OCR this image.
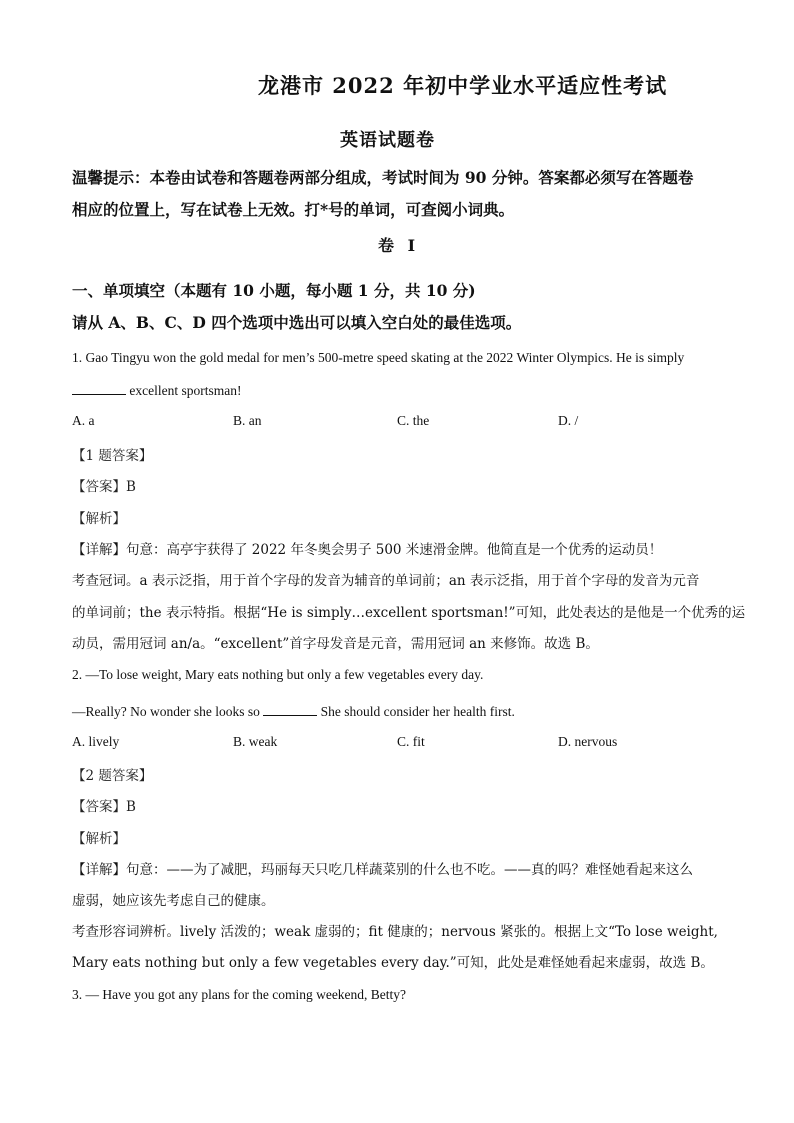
龙港市 2022 年初中学业水平适应性考试
英语试题卷
温馨提示：本卷由试卷和答题卷两部分组成，考试时间为 90 分钟。答案都必须写在答题卷
相应的位置上，写在试卷上无效。打*号的单词，可查阅小词典。
卷 I
一、单项填空（本题有 10 小题，每小题 1 分，共 10 分)
请从 A、B、C、D 四个选项中选出可以填入空白处的最佳选项。
1. Gao Tingyu won the gold medal for men’s 500-metre speed skating at the 2022 Winter Olympics. He is simply
excellent sportsman!
A. a	B. an	C. the	D. /
【1 题答案】
【答案】B
【解析】
【详解】句意：高亭宇获得了 2022 年冬奥会男子 500 米速滑金牌。他简直是一个优秀的运动员！
考查冠词。a 表示泛指，用于首个字母的发音为辅音的单词前；an 表示泛指，用于首个字母的发音为元音
的单词前；the 表示特指。根据“He is simply…excellent sportsman!”可知，此处表达的是他是一个优秀的运
动员，需用冠词 an/a。“excellent”首字母发音是元音，需用冠词 an 来修饰。故选 B。
2. —To lose weight, Mary eats nothing but only a few vegetables every day.
—Really? No wonder she looks so	She should consider her health first.
A. lively	B. weak	C. fit	D. nervous
【2 题答案】
【答案】B
【解析】
【详解】句意：——为了减肥，玛丽每天只吃几样蔬菜别的什么也不吃。——真的吗？难怪她看起来这么
虚弱，她应该先考虑自己的健康。
考查形容词辨析。lively 活泼的；weak 虚弱的；fit 健康的；nervous 紧张的。根据上文“To lose weight,
Mary eats nothing but only a few vegetables every day.”可知，此处是难怪她看起来虚弱，故选 B。
3. — Have you got any plans for the coming weekend, Betty?
